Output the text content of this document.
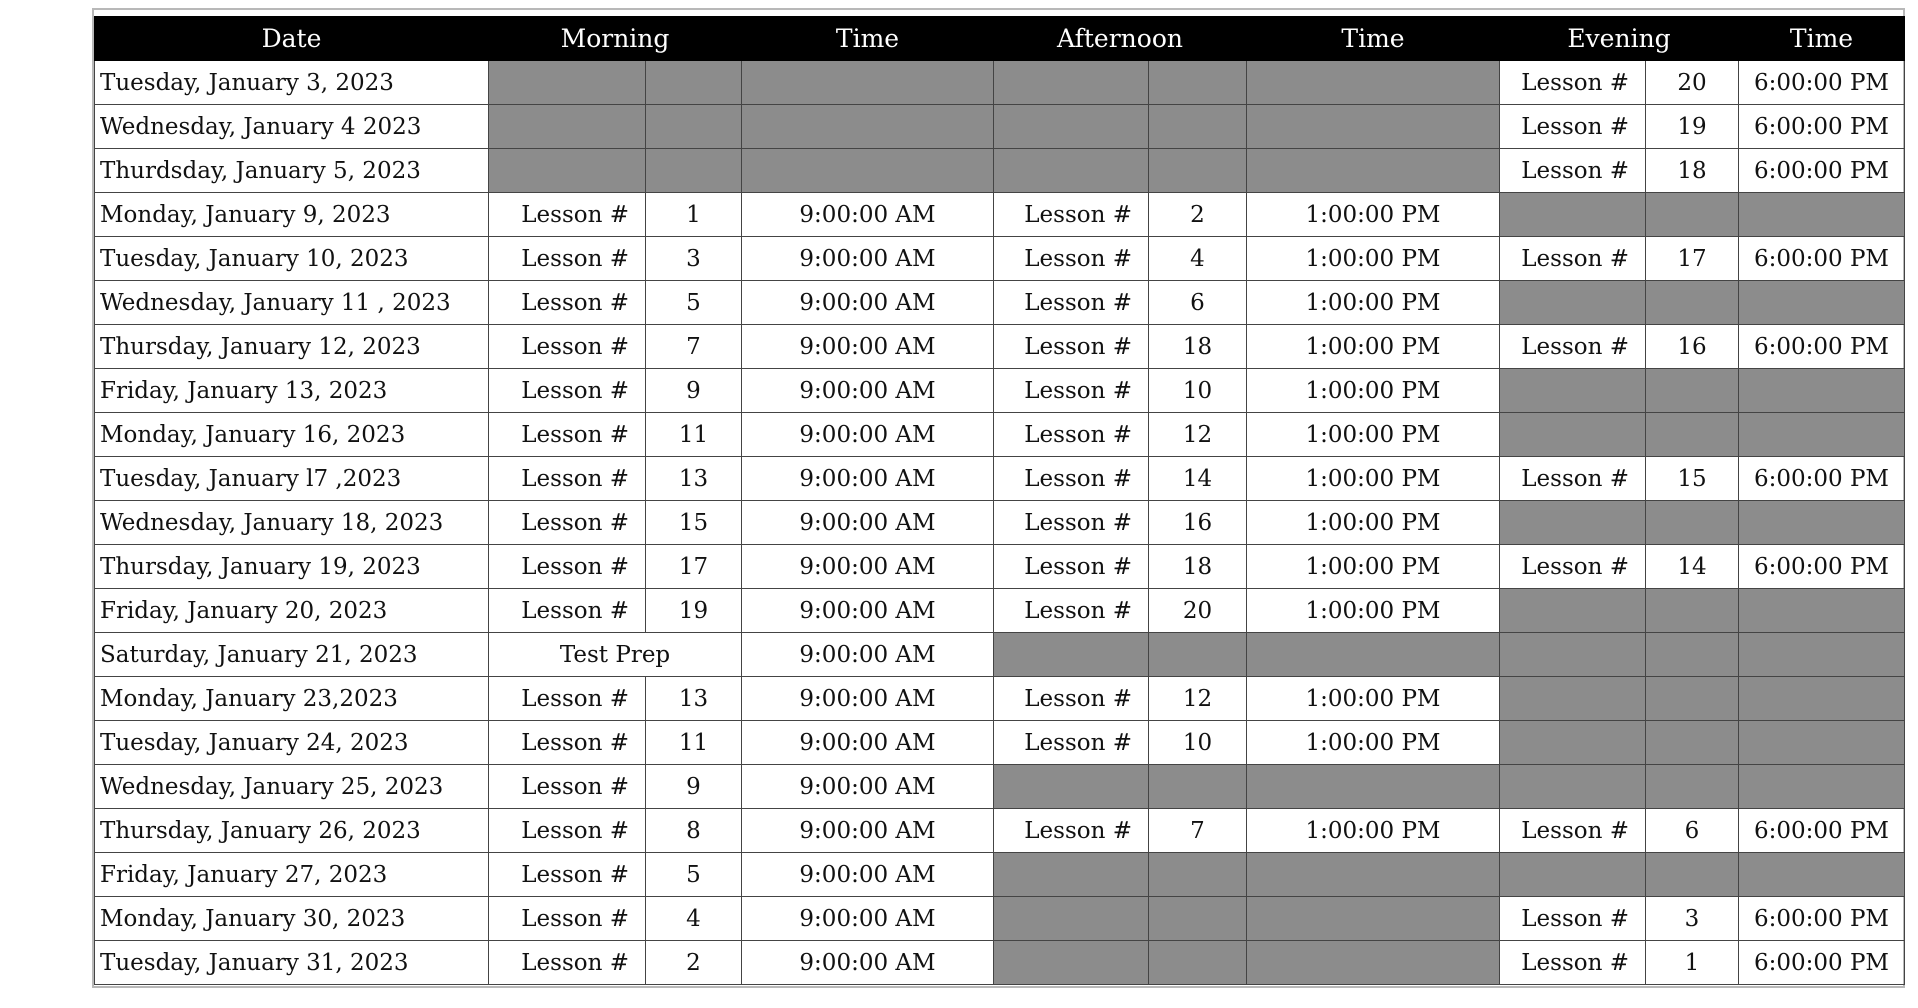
Date	Morning		Time	Afternoon		Time	Evening		Time
Tuesday, January 3, 2023							Lesson #	20	6:00:00 PM
Wednesday, January 4 2023							Lesson #	19	6:00:00 PM
Thurdsday, January 5, 2023							Lesson #	18	6:00:00 PM
Monday, January 9, 2023	Lesson #	1	9:00:00 AM	Lesson #	2	1:00:00 PM			
Tuesday, January 10, 2023	Lesson #	3	9:00:00 AM	Lesson #	4	1:00:00 PM	Lesson #	17	6:00:00 PM
Wednesday, January 11 , 2023	Lesson #	5	9:00:00 AM	Lesson #	6	1:00:00 PM			
Thursday, January 12, 2023	Lesson #	7	9:00:00 AM	Lesson #	18	1:00:00 PM	Lesson #	16	6:00:00 PM
Friday, January 13, 2023	Lesson #	9	9:00:00 AM	Lesson #	10	1:00:00 PM			
Monday, January 16, 2023	Lesson #	11	9:00:00 AM	Lesson #	12	1:00:00 PM			
Tuesday, January l7 ,2023	Lesson #	13	9:00:00 AM	Lesson #	14	1:00:00 PM	Lesson #	15	6:00:00 PM
Wednesday, January 18, 2023	Lesson #	15	9:00:00 AM	Lesson #	16	1:00:00 PM			
Thursday, January 19, 2023	Lesson #	17	9:00:00 AM	Lesson #	18	1:00:00 PM	Lesson #	14	6:00:00 PM
Friday, January 20, 2023	Lesson #	19	9:00:00 AM	Lesson #	20	1:00:00 PM			
Saturday, January 21, 2023	Test Prep		9:00:00 AM						
Monday, January 23,2023	Lesson #	13	9:00:00 AM	Lesson #	12	1:00:00 PM			
Tuesday, January 24, 2023	Lesson #	11	9:00:00 AM	Lesson #	10	1:00:00 PM			
Wednesday, January 25, 2023	Lesson #	9	9:00:00 AM						
Thursday, January 26, 2023	Lesson #	8	9:00:00 AM	Lesson #	7	1:00:00 PM	Lesson #	6	6:00:00 PM
Friday, January 27, 2023	Lesson #	5	9:00:00 AM						
Monday, January 30, 2023	Lesson #	4	9:00:00 AM				Lesson #	3	6:00:00 PM
Tuesday, January 31, 2023	Lesson #	2	9:00:00 AM				Lesson #	1	6:00:00 PM
